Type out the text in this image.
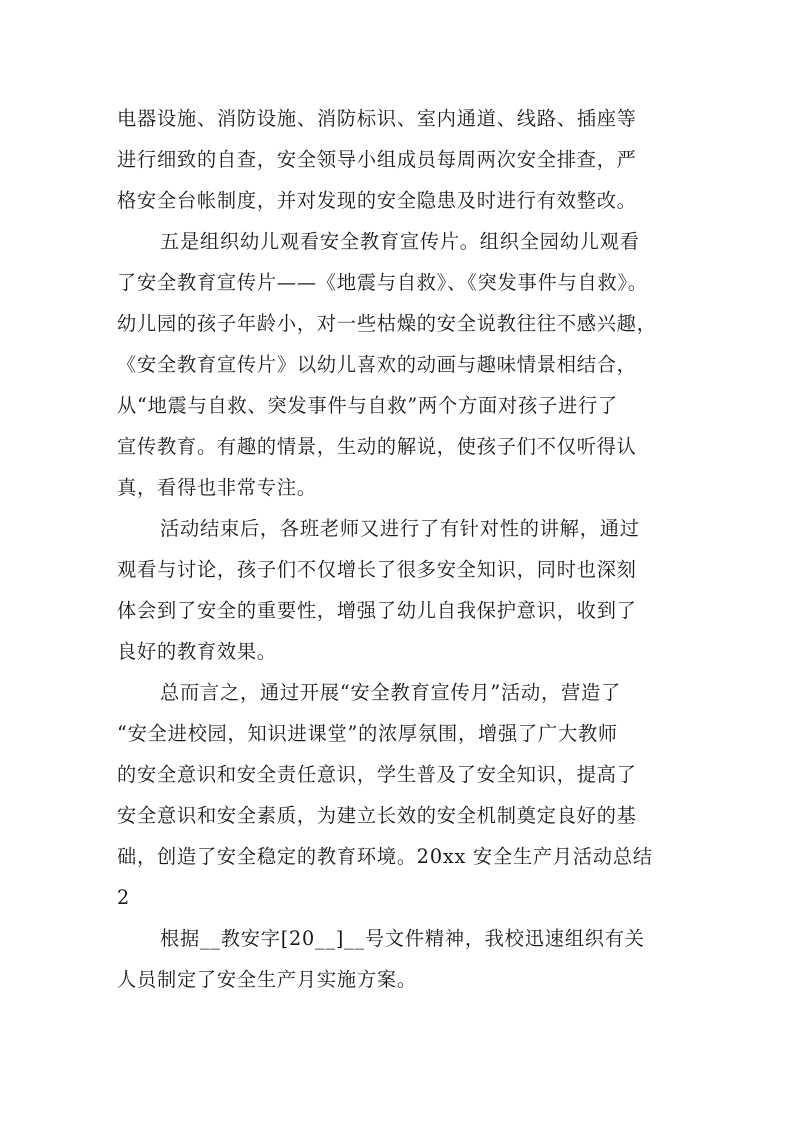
电器设施、消防设施、消防标识、室内通道、线路、插座等
进行细致的自查，安全领导小组成员每周两次安全排查，严
格安全台帐制度，并对发现的安全隐患及时进行有效整改。
五是组织幼儿观看安全教育宣传片。组织全园幼儿观看
了安全教育宣传片——《地震与自救》、《突发事件与自救》。
幼儿园的孩子年龄小，对一些枯燥的安全说教往往不感兴趣，
《安全教育宣传片》以幼儿喜欢的动画与趣味情景相结合，
从“地震与自救、突发事件与自救”两个方面对孩子进行了
宣传教育。有趣的情景，生动的解说，使孩子们不仅听得认
真，看得也非常专注。
活动结束后，各班老师又进行了有针对性的讲解，通过
观看与讨论，孩子们不仅增长了很多安全知识，同时也深刻
体会到了安全的重要性，增强了幼儿自我保护意识，收到了
良好的教育效果。
总而言之，通过开展“安全教育宣传月”活动，营造了
“安全进校园，知识进课堂”的浓厚氛围，增强了广大教师
的安全意识和安全责任意识，学生普及了安全知识，提高了
安全意识和安全素质，为建立长效的安全机制奠定良好的基
础，创造了安全稳定的教育环境。20xx 安全生产月活动总结
2
根据__教安字[20__]__号文件精神，我校迅速组织有关
人员制定了安全生产月实施方案。
